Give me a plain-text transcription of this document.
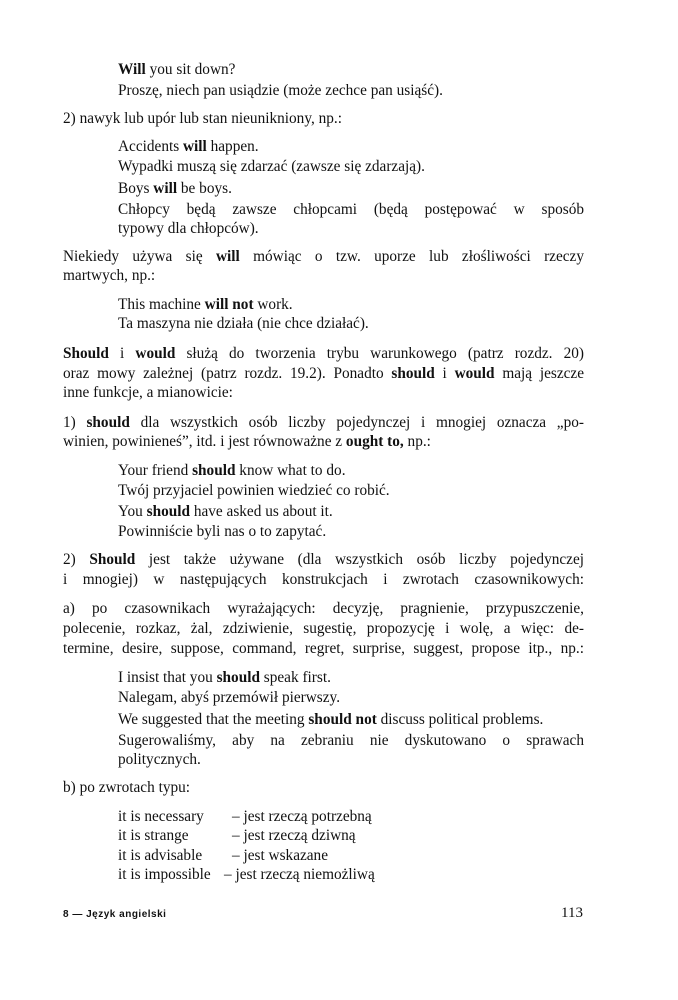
Will you sit down?
Proszę, niech pan usiądzie (może zechce pan usiąść).
2) nawyk lub upór lub stan nieunikniony, np.:
Accidents will happen.
Wypadki muszą się zdarzać (zawsze się zdarzają).
Boys will be boys.
Chłopcy będą zawsze chłopcami (będą postępować w sposób
typowy dla chłopców).
Niekiedy używa się will mówiąc o tzw. uporze lub złośliwości rzeczy
martwych, np.:
This machine will not work.
Ta maszyna nie działa (nie chce działać).
Should i would służą do tworzenia trybu warunkowego (patrz rozdz. 20)
oraz mowy zależnej (patrz rozdz. 19.2). Ponadto should i would mają jeszcze
inne funkcje, a mianowicie:
1) should dla wszystkich osób liczby pojedynczej i mnogiej oznacza „po-
winien, powinieneś”, itd. i jest równoważne z ought to, np.:
Your friend should know what to do.
Twój przyjaciel powinien wiedzieć co robić.
You should have asked us about it.
Powinniście byli nas o to zapytać.
2) Should jest także używane (dla wszystkich osób liczby pojedynczej
i mnogiej) w następujących konstrukcjach i zwrotach czasownikowych:
a) po czasownikach wyrażających: decyzję, pragnienie, przypuszczenie,
polecenie, rozkaz, żal, zdziwienie, sugestię, propozycję i wolę, a więc: de-
termine, desire, suppose, command, regret, surprise, suggest, propose itp., np.:
I insist that you should speak first.
Nalegam, abyś przemówił pierwszy.
We suggested that the meeting should not discuss political problems.
Sugerowaliśmy, aby na zebraniu nie dyskutowano o sprawach
politycznych.
b) po zwrotach typu:
it is necessary – jest rzeczą potrzebną
it is strange	– jest rzeczą dziwną
it is advisable – jest wskazane
it is impossible – jest rzeczą niemożliwą
8 — Język angielski	113
